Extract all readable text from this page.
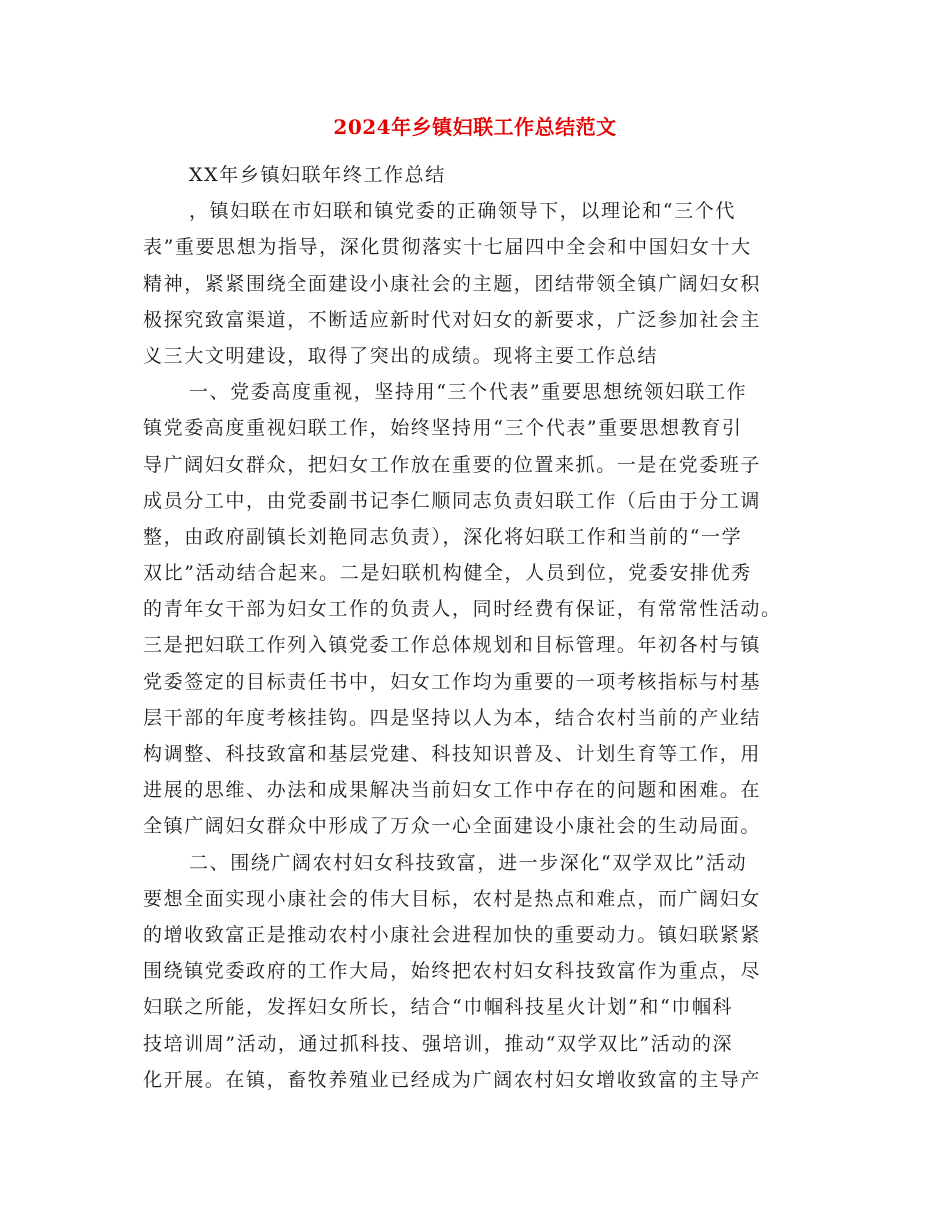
2024年乡镇妇联工作总结范文
XX年乡镇妇联年终工作总结
，镇妇联在市妇联和镇党委的正确领导下，以理论和“三个代
表”重要思想为指导，深化贯彻落实十七届四中全会和中国妇女十大
精神，紧紧围绕全面建设小康社会的主题，团结带领全镇广阔妇女积
极探究致富渠道，不断适应新时代对妇女的新要求，广泛参加社会主
义三大文明建设，取得了突出的成绩。现将主要工作总结
一、党委高度重视，坚持用“三个代表”重要思想统领妇联工作
镇党委高度重视妇联工作，始终坚持用“三个代表”重要思想教育引
导广阔妇女群众，把妇女工作放在重要的位置来抓。一是在党委班子
成员分工中，由党委副书记李仁顺同志负责妇联工作（后由于分工调
整，由政府副镇长刘艳同志负责），深化将妇联工作和当前的“一学
双比”活动结合起来。二是妇联机构健全，人员到位，党委安排优秀
的青年女干部为妇女工作的负责人，同时经费有保证，有常常性活动。
三是把妇联工作列入镇党委工作总体规划和目标管理。年初各村与镇
党委签定的目标责任书中，妇女工作均为重要的一项考核指标与村基
层干部的年度考核挂钩。四是坚持以人为本，结合农村当前的产业结
构调整、科技致富和基层党建、科技知识普及、计划生育等工作，用
进展的思维、办法和成果解决当前妇女工作中存在的问题和困难。在
全镇广阔妇女群众中形成了万众一心全面建设小康社会的生动局面。
二、围绕广阔农村妇女科技致富，进一步深化“双学双比”活动
要想全面实现小康社会的伟大目标，农村是热点和难点，而广阔妇女
的增收致富正是推动农村小康社会进程加快的重要动力。镇妇联紧紧
围绕镇党委政府的工作大局，始终把农村妇女科技致富作为重点，尽
妇联之所能，发挥妇女所长，结合“巾帼科技星火计划”和“巾帼科
技培训周”活动，通过抓科技、强培训，推动“双学双比”活动的深
化开展。在镇，畜牧养殖业已经成为广阔农村妇女增收致富的主导产
